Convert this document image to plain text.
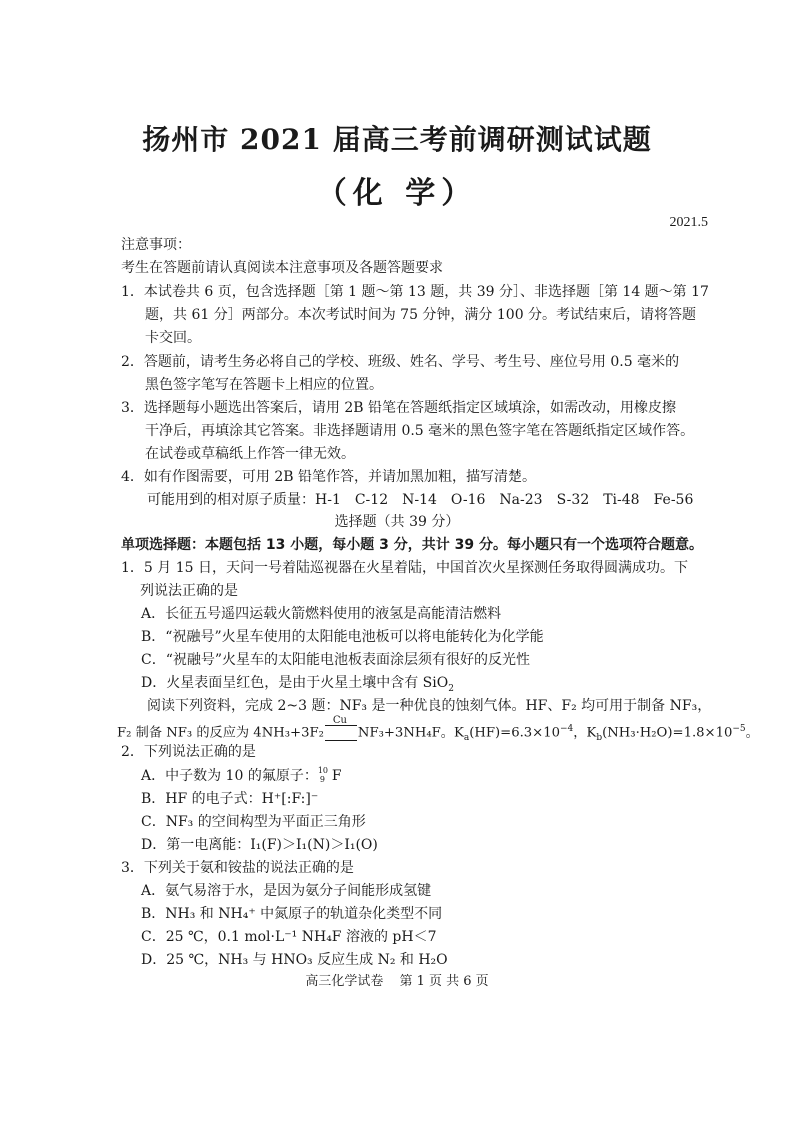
扬州市 2021 届高三考前调研测试试题
（化 学）
2021.5
注意事项：
考生在答题前请认真阅读本注意事项及各题答题要求
1．本试卷共 6 页，包含选择题［第 1 题～第 13 题，共 39 分］、非选择题［第 14 题～第 17
题，共 61 分］两部分。本次考试时间为 75 分钟，满分 100 分。考试结束后，请将答题
卡交回。
2．答题前，请考生务必将自己的学校、班级、姓名、学号、考生号、座位号用 0.5 毫米的
黑色签字笔写在答题卡上相应的位置。
3．选择题每小题选出答案后，请用 2B 铅笔在答题纸指定区域填涂，如需改动，用橡皮擦
干净后，再填涂其它答案。非选择题请用 0.5 毫米的黑色签字笔在答题纸指定区域作答。
在试卷或草稿纸上作答一律无效。
4．如有作图需要，可用 2B 铅笔作答，并请加黑加粗，描写清楚。
可能用到的相对原子质量：H-1　C-12　N-14　O-16　Na-23　S-32　Ti-48　Fe-56
选择题（共 39 分）
单项选择题：本题包括 13 小题，每小题 3 分，共计 39 分。每小题只有一个选项符合题意。
1．5 月 15 日，天问一号着陆巡视器在火星着陆，中国首次火星探测任务取得圆满成功。下
列说法正确的是
A．长征五号遥四运载火箭燃料使用的液氢是高能清洁燃料
B．“祝融号”火星车使用的太阳能电池板可以将电能转化为化学能
C．“祝融号”火星车的太阳能电池板表面涂层须有很好的反光性
D．火星表面呈红色，是由于火星土壤中含有 SiO$_2$
阅读下列资料，完成 2~3 题：NF₃ 是一种优良的蚀刻气体。HF、F₂ 均可用于制备 NF₃，
F₂ 制备 NF₃ 的反应为 4NH₃+3F₂
Cu
NF₃+3NH₄F。$K_a(HF)=6.3\times 10^{-4}$，$K_b(NH_3\cdot H_2O)=1.8\times 10^{-5}$。
2．下列说法正确的是
A．中子数为 10 的氟原子： 10
9 F
B．HF 的电子式：H⁺[:F:]⁻
C．NF₃ 的空间构型为平面正三角形
D．第一电离能：I₁(F)＞I₁(N)＞I₁(O)
3．下列关于氨和铵盐的说法正确的是
A．氨气易溶于水，是因为氨分子间能形成氢键
B．NH₃ 和 NH₄⁺ 中氮原子的轨道杂化类型不同
C．25 ℃，0.1 mol·L⁻¹ NH₄F 溶液的 pH＜7
D．25 ℃，NH₃ 与 HNO₃ 反应生成 N₂ 和 H₂O
高三化学试卷 第 1 页 共 6 页
